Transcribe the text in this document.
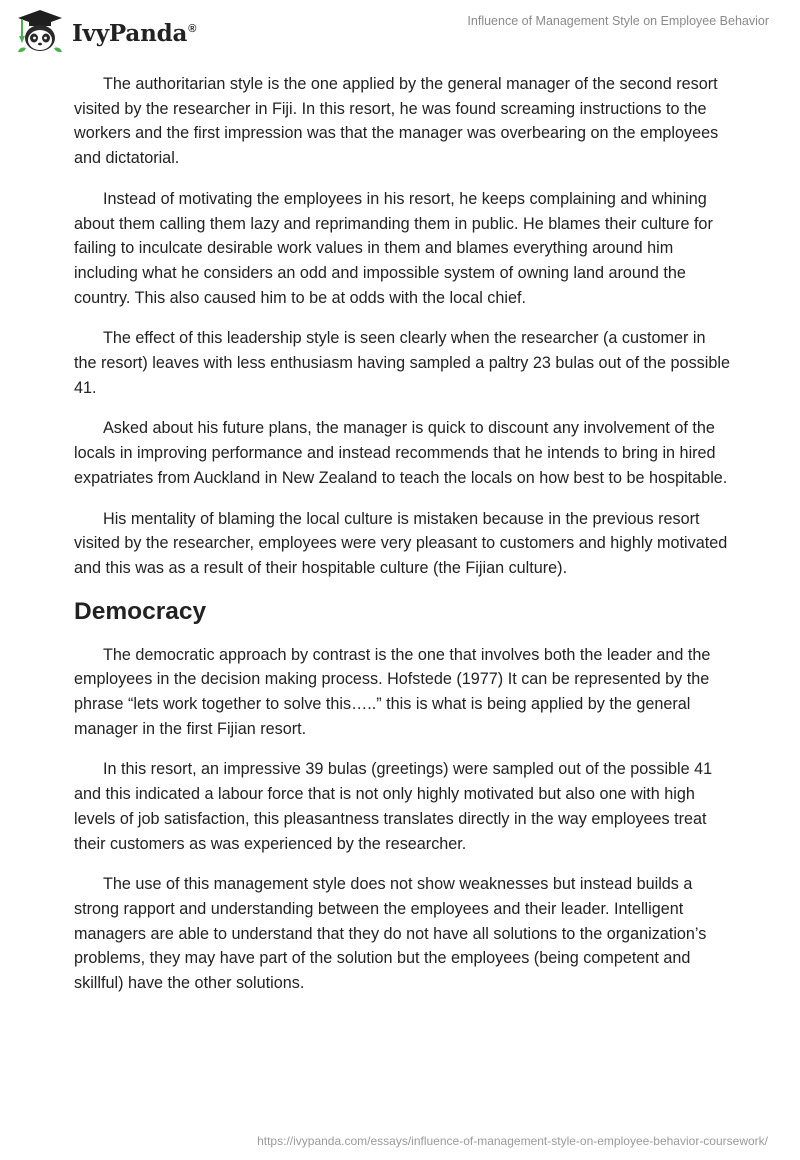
IvyPanda®
Influence of Management Style on Employee Behavior

The authoritarian style is the one applied by the general manager of the second resort visited by the researcher in Fiji. In this resort, he was found screaming instructions to the workers and the first impression was that the manager was overbearing on the employees and dictatorial.

Instead of motivating the employees in his resort, he keeps complaining and whining about them calling them lazy and reprimanding them in public. He blames their culture for failing to inculcate desirable work values in them and blames everything around him including what he considers an odd and impossible system of owning land around the country. This also caused him to be at odds with the local chief.

The effect of this leadership style is seen clearly when the researcher (a customer in the resort) leaves with less enthusiasm having sampled a paltry 23 bulas out of the possible 41.

Asked about his future plans, the manager is quick to discount any involvement of the locals in improving performance and instead recommends that he intends to bring in hired expatriates from Auckland in New Zealand to teach the locals on how best to be hospitable.

His mentality of blaming the local culture is mistaken because in the previous resort visited by the researcher, employees were very pleasant to customers and highly motivated and this was as a result of their hospitable culture (the Fijian culture).

Democracy

The democratic approach by contrast is the one that involves both the leader and the employees in the decision making process. Hofstede (1977) It can be represented by the phrase “lets work together to solve this…..” this is what is being applied by the general manager in the first Fijian resort.

In this resort, an impressive 39 bulas (greetings) were sampled out of the possible 41 and this indicated a labour force that is not only highly motivated but also one with high levels of job satisfaction, this pleasantness translates directly in the way employees treat their customers as was experienced by the researcher.

The use of this management style does not show weaknesses but instead builds a strong rapport and understanding between the employees and their leader. Intelligent managers are able to understand that they do not have all solutions to the organization’s problems, they may have part of the solution but the employees (being competent and skillful) have the other solutions.

https://ivypanda.com/essays/influence-of-management-style-on-employee-behavior-coursework/
